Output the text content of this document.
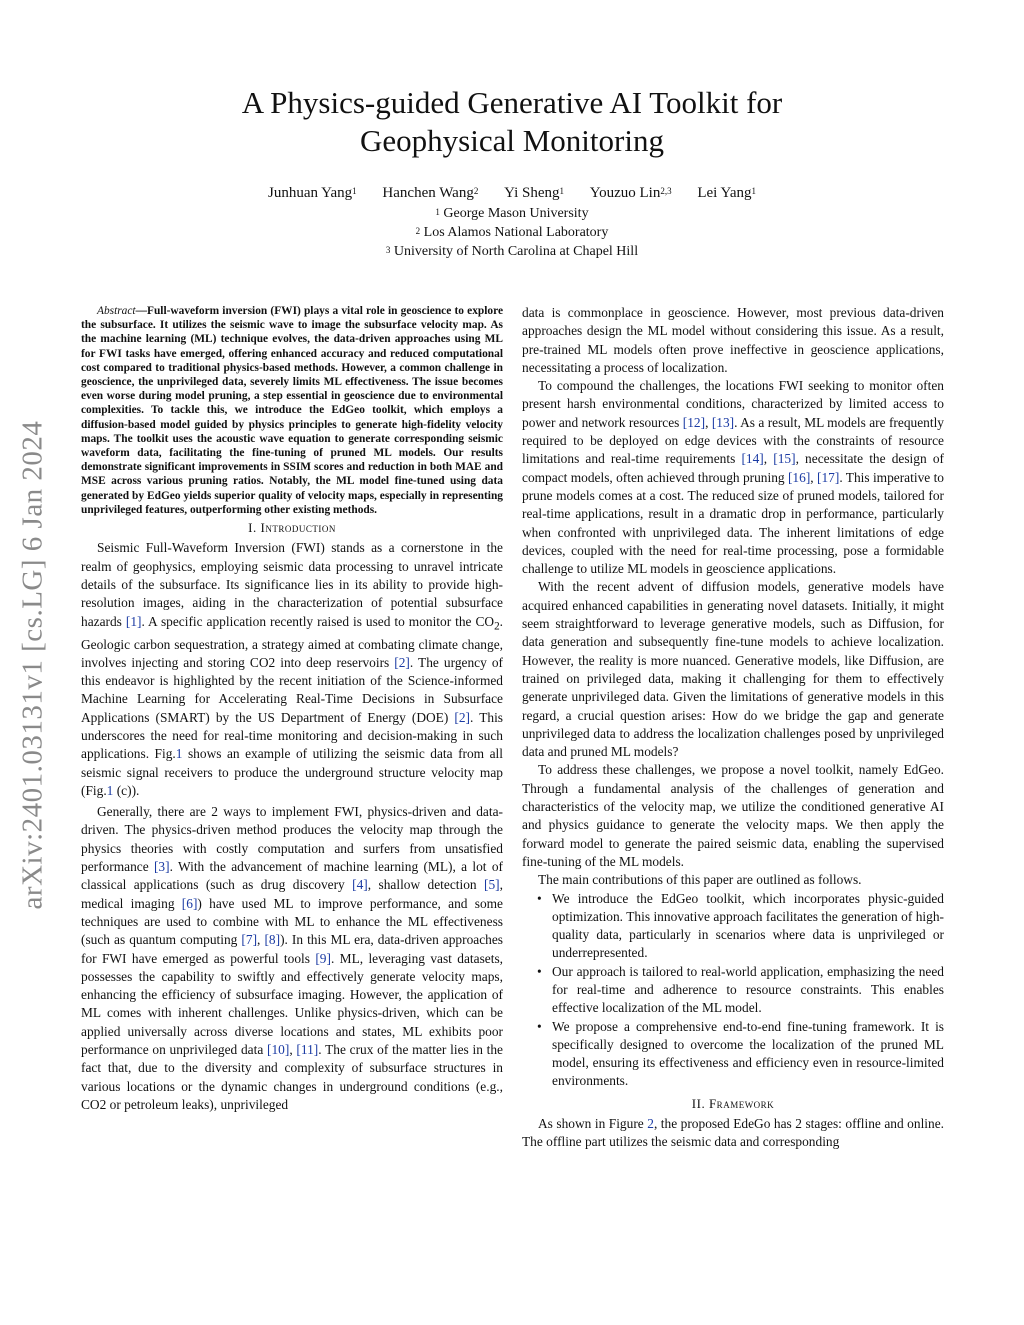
arXiv:2401.03131v1 [cs.LG] 6 Jan 2024
A Physics-guided Generative AI Toolkit for
Geophysical Monitoring
Junhuan Yang$^1$ Hanchen Wang$^2$ Yi Sheng$^1$ Youzuo Lin$^{2,3}$ Lei Yang$^1$
$^1$ George Mason University
$^2$ Los Alamos National Laboratory
$^3$ University of North Carolina at Chapel Hill

Abstract—Full-waveform inversion (FWI) plays a vital role in geoscience to explore the subsurface. It utilizes the seismic wave to image the subsurface velocity map. As the machine learning (ML) technique evolves, the data-driven approaches using ML for FWI tasks have emerged, offering enhanced accuracy and reduced computational cost compared to traditional physics-based methods. However, a common challenge in geoscience, the unprivileged data, severely limits ML effectiveness. The issue becomes even worse during model pruning, a step essential in geoscience due to environmental complexities. To tackle this, we introduce the EdGeo toolkit, which employs a diffusion-based model guided by physics principles to generate high-fidelity velocity maps. The toolkit uses the acoustic wave equation to generate corresponding seismic waveform data, facilitating the fine-tuning of pruned ML models. Our results demonstrate significant improvements in SSIM scores and reduction in both MAE and MSE across various pruning ratios. Notably, the ML model fine-tuned using data generated by EdGeo yields superior quality of velocity maps, especially in representing unprivileged features, outperforming other existing methods.

I. Introduction

Seismic Full-Waveform Inversion (FWI) stands as a cornerstone in the realm of geophysics, employing seismic data processing to unravel intricate details of the subsurface. Its significance lies in its ability to provide high-resolution images, aiding in the characterization of potential subsurface hazards [1]. A specific application recently raised is used to monitor the $CO_2$. Geologic carbon sequestration, a strategy aimed at combating climate change, involves injecting and storing CO2 into deep reservoirs [2]. The urgency of this endeavor is highlighted by the recent initiation of the Science-informed Machine Learning for Accelerating Real-Time Decisions in Subsurface Applications (SMART) by the US Department of Energy (DOE) [2]. This underscores the need for real-time monitoring and decision-making in such applications. Fig.1 shows an example of utilizing the seismic data from all seismic signal receivers to produce the underground structure velocity map (Fig.1 (c)).

Generally, there are 2 ways to implement FWI, physics-driven and data-driven. The physics-driven method produces the velocity map through the physics theories with costly computation and surfers from unsatisfied performance [3]. With the advancement of machine learning (ML), a lot of classical applications (such as drug discovery [4], shallow detection [5], medical imaging [6]) have used ML to improve performance, and some techniques are used to combine with ML to enhance the ML effectiveness (such as quantum computing [7], [8]). In this ML era, data-driven approaches for FWI have emerged as powerful tools [9]. ML, leveraging vast datasets, possesses the capability to swiftly and effectively generate velocity maps, enhancing the efficiency of subsurface imaging. However, the application of ML comes with inherent challenges. Unlike physics-driven, which can be applied universally across diverse locations and states, ML exhibits poor performance on unprivileged data [10], [11]. The crux of the matter lies in the fact that, due to the diversity and complexity of subsurface structures in various locations or the dynamic changes in underground conditions (e.g., CO2 or petroleum leaks), unprivileged

data is commonplace in geoscience. However, most previous data-driven approaches design the ML model without considering this issue. As a result, pre-trained ML models often prove ineffective in geoscience applications, necessitating a process of localization.

To compound the challenges, the locations FWI seeking to monitor often present harsh environmental conditions, characterized by limited access to power and network resources [12], [13]. As a result, ML models are frequently required to be deployed on edge devices with the constraints of resource limitations and real-time requirements [14], [15], necessitate the design of compact models, often achieved through pruning [16], [17]. This imperative to prune models comes at a cost. The reduced size of pruned models, tailored for real-time applications, result in a dramatic drop in performance, particularly when confronted with unprivileged data. The inherent limitations of edge devices, coupled with the need for real-time processing, pose a formidable challenge to utilize ML models in geoscience applications.

With the recent advent of diffusion models, generative models have acquired enhanced capabilities in generating novel datasets. Initially, it might seem straightforward to leverage generative models, such as Diffusion, for data generation and subsequently fine-tune models to achieve localization. However, the reality is more nuanced. Generative models, like Diffusion, are trained on privileged data, making it challenging for them to effectively generate unprivileged data. Given the limitations of generative models in this regard, a crucial question arises: How do we bridge the gap and generate unprivileged data to address the localization challenges posed by unprivileged data and pruned ML models?

To address these challenges, we propose a novel toolkit, namely EdGeo. Through a fundamental analysis of the challenges of generation and characteristics of the velocity map, we utilize the conditioned generative AI and physics guidance to generate the velocity maps. We then apply the forward model to generate the paired seismic data, enabling the supervised fine-tuning of the ML models.

The main contributions of this paper are outlined as follows.

• We introduce the EdGeo toolkit, which incorporates physic-guided optimization. This innovative approach facilitates the generation of high-quality data, particularly in scenarios where data is unprivileged or underrepresented.
• Our approach is tailored to real-world application, emphasizing the need for real-time and adherence to resource constraints. This enables effective localization of the ML model.
• We propose a comprehensive end-to-end fine-tuning framework. It is specifically designed to overcome the localization of the pruned ML model, ensuring its effectiveness and efficiency even in resource-limited environments.
II. Framework

As shown in Figure 2, the proposed EdeGo has 2 stages: offline and online. The offline part utilizes the seismic data and corresponding
